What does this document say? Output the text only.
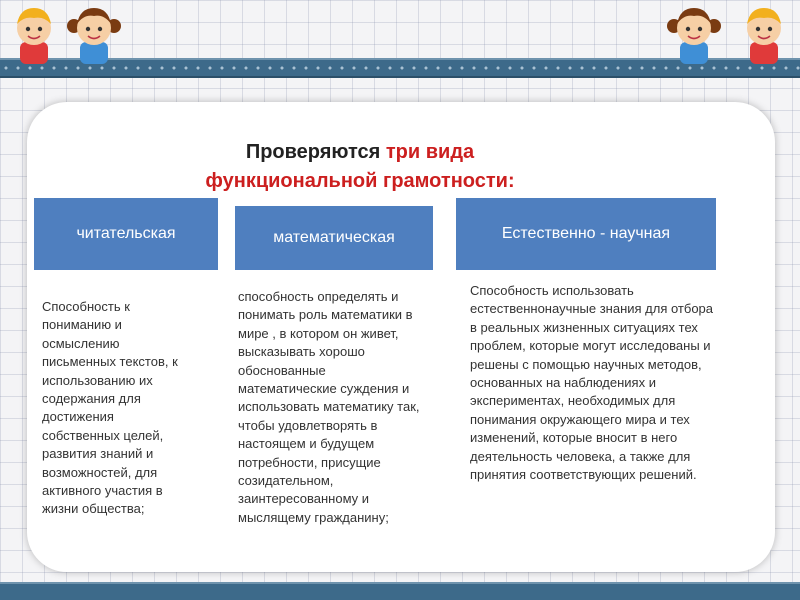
Проверяются три вида
функциональной грамотности:
читательская	математическая	Естественно - научная
Способность к пониманию и осмыслению письменных текстов, к использованию их содержания для достижения собственных целей, развития знаний и возможностей, для активного участия в жизни общества;
способность определять и понимать роль математики в мире , в котором он живет, высказывать хорошо обоснованные математические суждения и использовать математику так, чтобы удовлетворять в настоящем и будущем потребности, присущие созидательном, заинтересованному и мыслящему гражданину;
Способность использовать естественнонаучные знания для отбора в реальных жизненных ситуациях тех проблем, которые могут исследованы и решены с помощью научных методов, основанных на наблюдениях и экспериментах, необходимых для понимания окружающего мира и тех изменений, которые вносит в него деятельность человека, а также для принятия соответствующих решений.
